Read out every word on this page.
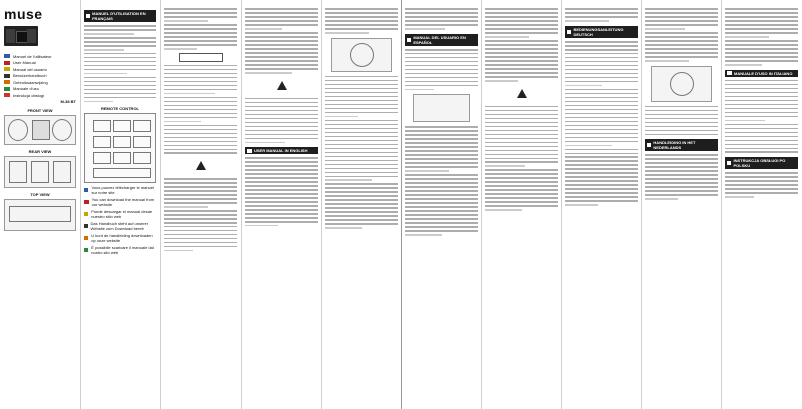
muse
Manuel de l'utilisateur
User Manual
Manual del usuario
Benutzerhandbuch
Gebruiksaanwijzing
Manuale d'uso
Instrukcja obsługi
M-38 BT
FRONT VIEW
REAR VIEW
TOP VIEW
MANUEL D'UTILISATION EN FRANÇAIS
REMOTE CONTROL
Vous pouvez télécharger le manuel sur notre site
You can download the manual from our website
Puede descargar el manual desde nuestro sitio web
Das Handbuch steht auf unserer Website zum Download bereit
U kunt de handleiding downloaden op onze website
È possibile scaricare il manuale dal nostro sito web

USER MANUAL IN ENGLISH
MANUAL DEL USUARIO EN ESPAÑOL
BEDIENUNGSANLEITUNG DEUTSCH
HANDLEIDING IN HET NEDERLANDS
MANUALE D'USO IN ITALIANO
INSTRUKCJA OBSŁUGI PO POLSKU
